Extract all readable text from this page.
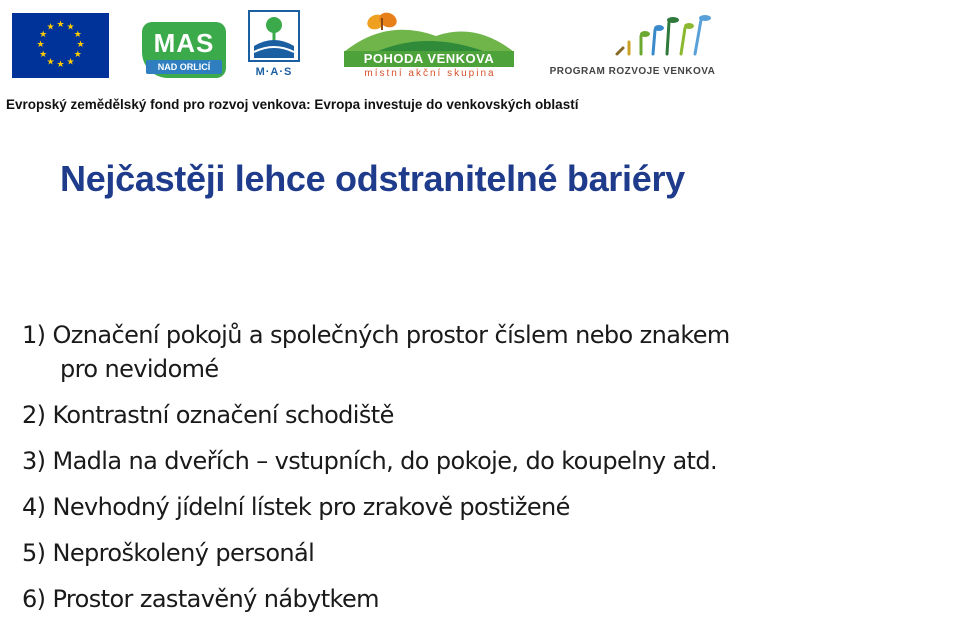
★ ★
★
★
★
★
★
★
★
★
★
★
MAS
NAD ORLICÍ	M·A·S
POHODA VENKOVA
místní akční skupina	PROGRAM ROZVOJE VENKOVA
Evropský zemědělský fond pro rozvoj venkova: Evropa investuje do venkovských oblastí
Nejčastěji lehce odstranitelné bariéry
1) Označení pokojů a společných prostor číslem nebo znakem
pro nevidomé
2) Kontrastní označení schodiště
3) Madla na dveřích – vstupních, do pokoje, do koupelny atd.
4) Nevhodný jídelní lístek pro zrakově postižené
5) Neproškolený personál
6) Prostor zastavěný nábytkem
